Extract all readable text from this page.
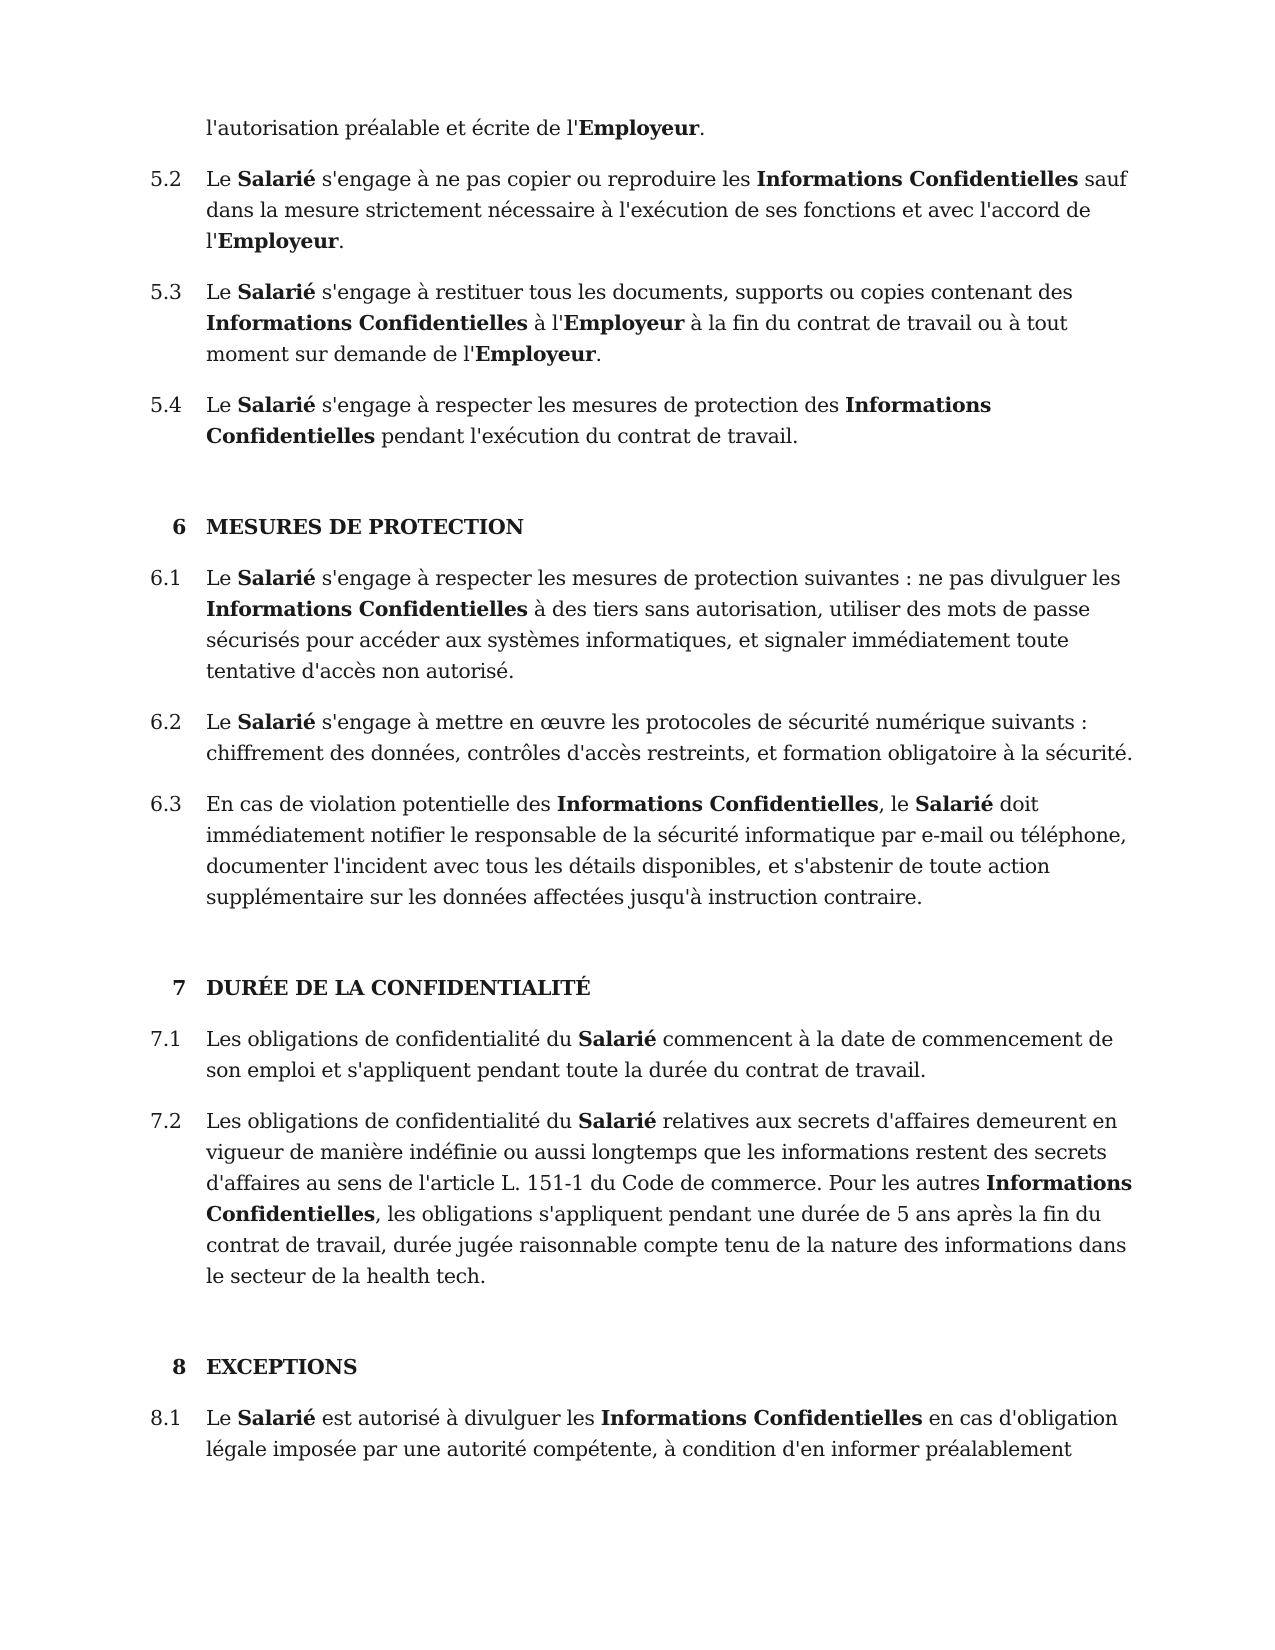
l'autorisation préalable et écrite de l'Employeur.
5.2	Le Salarié s'engage à ne pas copier ou reproduire les Informations Confidentielles sauf dans la mesure strictement nécessaire à l'exécution de ses fonctions et avec l'accord de l'Employeur.
5.3	Le Salarié s'engage à restituer tous les documents, supports ou copies contenant des Informations Confidentielles à l'Employeur à la fin du contrat de travail ou à tout moment sur demande de l'Employeur.
5.4	Le Salarié s'engage à respecter les mesures de protection des Informations Confidentielles pendant l'exécution du contrat de travail.
6 MESURES DE PROTECTION
6.1	Le Salarié s'engage à respecter les mesures de protection suivantes : ne pas divulguer les Informations Confidentielles à des tiers sans autorisation, utiliser des mots de passe sécurisés pour accéder aux systèmes informatiques, et signaler immédiatement toute tentative d'accès non autorisé.
6.2	Le Salarié s'engage à mettre en œuvre les protocoles de sécurité numérique suivants : chiffrement des données, contrôles d'accès restreints, et formation obligatoire à la sécurité.
6.3	En cas de violation potentielle des Informations Confidentielles, le Salarié doit immédiatement notifier le responsable de la sécurité informatique par e-mail ou téléphone, documenter l'incident avec tous les détails disponibles, et s'abstenir de toute action supplémentaire sur les données affectées jusqu'à instruction contraire.
7 DURÉE DE LA CONFIDENTIALITÉ
7.1	Les obligations de confidentialité du Salarié commencent à la date de commencement de son emploi et s'appliquent pendant toute la durée du contrat de travail.
7.2	Les obligations de confidentialité du Salarié relatives aux secrets d'affaires demeurent en vigueur de manière indéfinie ou aussi longtemps que les informations restent des secrets d'affaires au sens de l'article L. 151-1 du Code de commerce. Pour les autres Informations Confidentielles, les obligations s'appliquent pendant une durée de 5 ans après la fin du contrat de travail, durée jugée raisonnable compte tenu de la nature des informations dans le secteur de la health tech.
8 EXCEPTIONS
8.1	Le Salarié est autorisé à divulguer les Informations Confidentielles en cas d'obligation légale imposée par une autorité compétente, à condition d'en informer préalablement
